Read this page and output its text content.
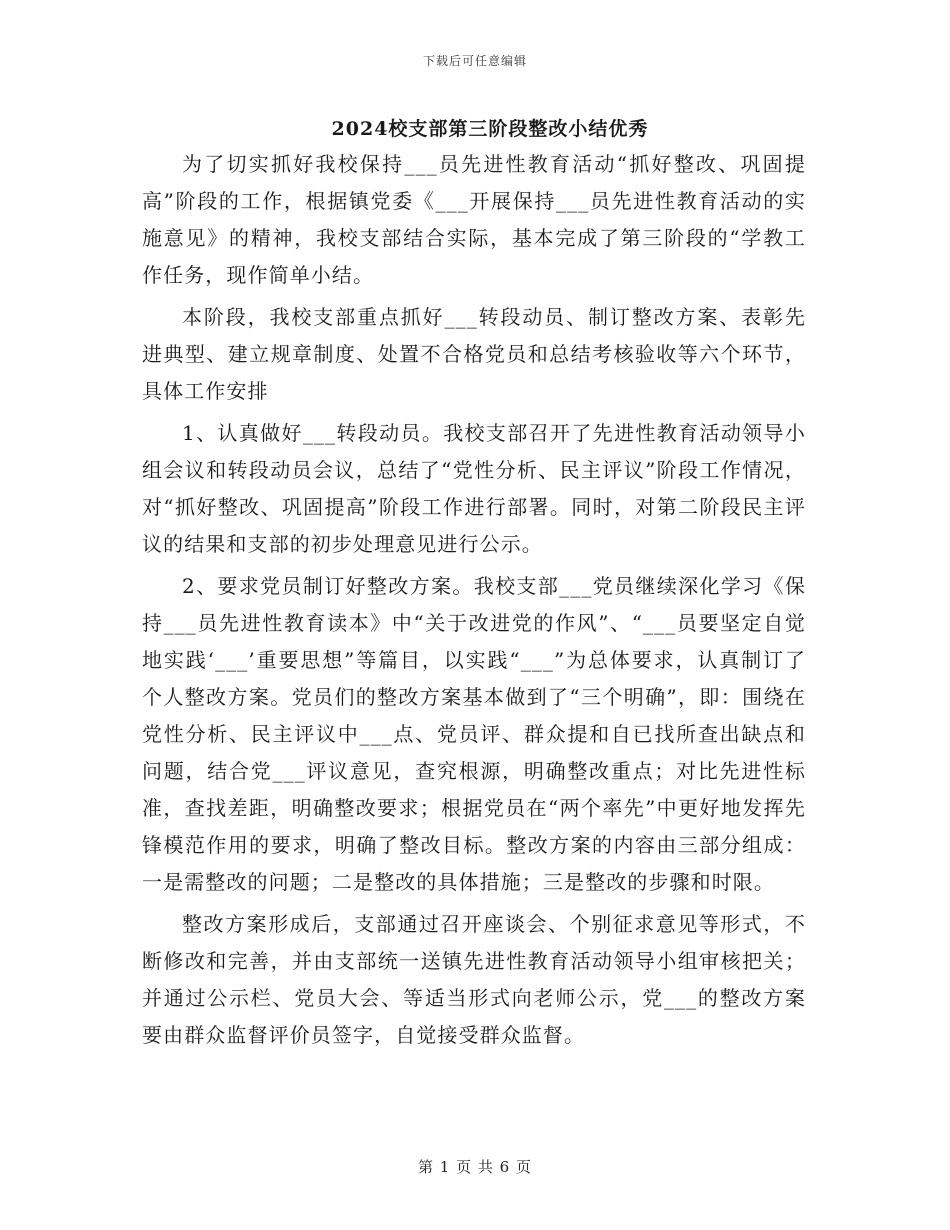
下载后可任意编辑
2024校支部第三阶段整改小结优秀

为了切实抓好我校保持___员先进性教育活动“抓好整改、巩固提高”阶段的工作，根据镇党委《___开展保持___员先进性教育活动的实施意见》的精神，我校支部结合实际，基本完成了第三阶段的“学教工作任务，现作简单小结。

本阶段，我校支部重点抓好___转段动员、制订整改方案、表彰先进典型、建立规章制度、处置不合格党员和总结考核验收等六个环节，具体工作安排

1、认真做好___转段动员。我校支部召开了先进性教育活动领导小组会议和转段动员会议，总结了“党性分析、民主评议”阶段工作情况，对“抓好整改、巩固提高”阶段工作进行部署。同时，对第二阶段民主评议的结果和支部的初步处理意见进行公示。

2、要求党员制订好整改方案。我校支部___党员继续深化学习《保持___员先进性教育读本》中“关于改进党的作风”、“___员要坚定自觉地实践‘___’重要思想”等篇目，以实践“___”为总体要求，认真制订了个人整改方案。党员们的整改方案基本做到了“三个明确”，即：围绕在党性分析、民主评议中___点、党员评、群众提和自已找所查出缺点和问题，结合党___评议意见，查究根源，明确整改重点；对比先进性标准，查找差距，明确整改要求；根据党员在“两个率先”中更好地发挥先锋模范作用的要求，明确了整改目标。整改方案的内容由三部分组成：一是需整改的问题；二是整改的具体措施；三是整改的步骤和时限。

整改方案形成后，支部通过召开座谈会、个别征求意见等形式，不断修改和完善，并由支部统一送镇先进性教育活动领导小组审核把关；并通过公示栏、党员大会、等适当形式向老师公示，党___的整改方案要由群众监督评价员签字，自觉接受群众监督。

第 1 页 共 6 页
